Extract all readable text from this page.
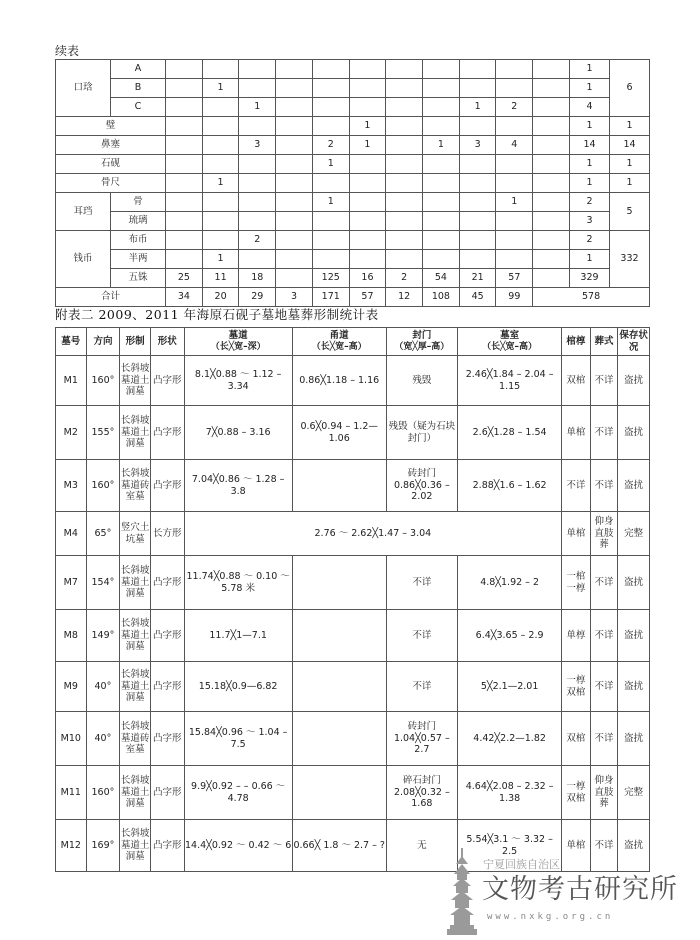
续表
口琀	A												1	6
	B		1										1	
	C			1						1	2		4	
璧							1						1	1
鼻塞				3		2	1		1	3	4		14	14
石砚						1							1	1
骨尺			1										1	1
耳珰	骨					1					1		2	5
	琉璃												3	
钱币	布币			2									2	332
	半两		1										1	
	五铢	25	11	18		125	16	2	54	21	57		329	
合计		34	20	29	3	171	57	12	108	45	99	578		
附表二 2009、2011 年海原石砚子墓地墓葬形制统计表
墓号	方向	形制	形状	墓道
（长╳宽–深）	甬道
（长╳宽–高）	封门
（宽╳厚–高）	墓室
（长╳宽–高）	棺椁	葬式	保存状况
M1	160°	长斜坡墓道土洞墓	凸字形	8.1╳0.88 ～ 1.12 – 3.34	0.86╳1.18 – 1.16	残毁	2.46╳1.84 – 2.04 – 1.15	双棺	不详	盗扰
M2	155°	长斜坡墓道土洞墓	凸字形	7╳0.88 – 3.16	0.6╳0.94 – 1.2—1.06	残毁（疑为石块封门）	2.6╳1.28 – 1.54	单棺	不详	盗扰
M3	160°	长斜坡墓道砖室墓	凸字形	7.04╳0.86 ～ 1.28 – 3.8		砖封门 0.86╳0.36 – 2.02	2.88╳1.6 – 1.62	不详	不详	盗扰
M4	65°	竖穴土坑墓	长方形	2.76 ～ 2.62╳1.47 – 3.04				单棺	仰身直肢葬	完整
M7	154°	长斜坡墓道土洞墓	凸字形	11.74╳0.88 ～ 0.10 ～ 5.78 米		不详	4.8╳1.92 – 2	一棺一椁	不详	盗扰
M8	149°	长斜坡墓道土洞墓	凸字形	11.7╳1—7.1		不详	6.4╳3.65 – 2.9	单椁	不详	盗扰
M9	40°	长斜坡墓道土洞墓	凸字形	15.18╳0.9—6.82		不详	5╳2.1—2.01	一椁双棺	不详	盗扰
M10	40°	长斜坡墓道砖室墓	凸字形	15.84╳0.96 ～ 1.04 – 7.5		砖封门 1.04╳0.57 – 2.7	4.42╳2.2—1.82	双棺	不详	盗扰
M11	160°	长斜坡墓道土洞墓	凸字形	9.9╳0.92 – – 0.66 ～ 4.78		碎石封门 2.08╳0.32 – 1.68	4.64╳2.08 – 2.32 – 1.38	一椁双棺	仰身直肢葬	完整
M12	169°	长斜坡墓道土洞墓	凸字形	14.4╳0.92 ～ 0.42 ～ 6	0.66╳ 1.8 ～ 2.7 – ?	无	5.54╳3.1 ～ 3.32 – 2.5	单棺	不详	盗扰
宁夏回族自治区
文物考古研究所
www.nxkg.org.cn
